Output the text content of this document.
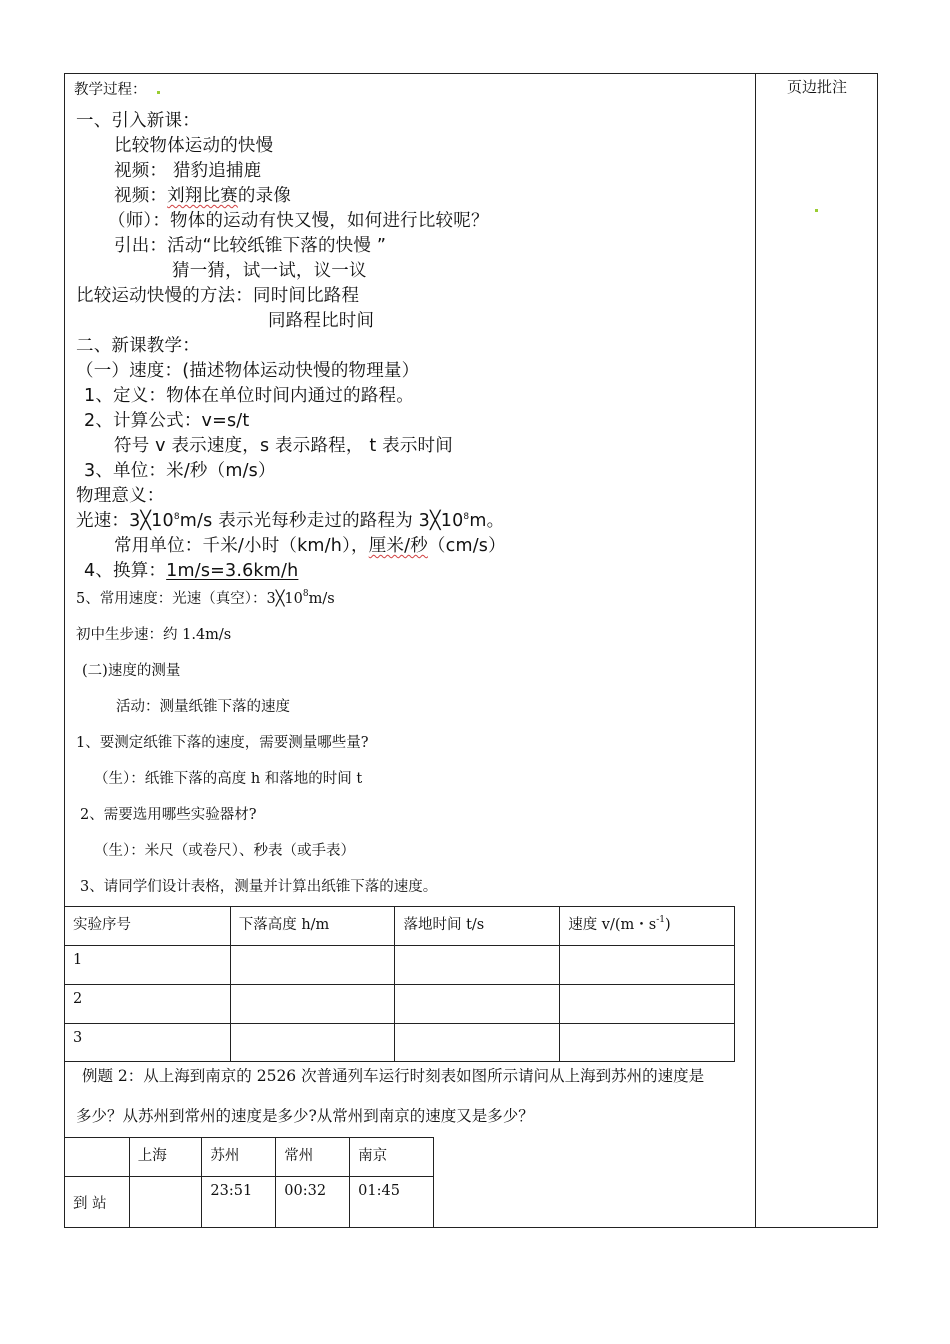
教学过程：	页边批注
一、引入新课：
比较物体运动的快慢
视频： 猎豹追捕鹿
视频：刘翔比赛的录像
（师）：物体的运动有快又慢，如何进行比较呢？
引出：活动“比较纸锥下落的快慢 ”
猜一猜，试一试，议一议
比较运动快慢的方法：同时间比路程
同路程比时间
二、新课教学：
（一）速度：(描述物体运动快慢的物理量）
1、定义：物体在单位时间内通过的路程。
2、计算公式：v=s/t
符号 v 表示速度，s 表示路程， t 表示时间
3、单位：米/秒（m/s）
物理意义：
光速：$3╳10^8m/s$ 表示光每秒走过的路程为 $3╳10^8m$。
常用单位：千米/小时（km/h），厘米/秒（cm/s）
4、换算：1m/s=3.6km/h
5、常用速度：光速（真空）：$3╳10^8m/s$
初中生步速：约 1.4m/s
(二)速度的测量
活动：测量纸锥下落的速度
1、要测定纸锥下落的速度，需要测量哪些量?
（生）：纸锥下落的高度 h 和落地的时间 t
2、需要选用哪些实验器材?
（生）：米尺（或卷尺）、秒表（或手表）
3、请同学们设计表格，测量并计算出纸锥下落的速度。
实验序号	下落高度 h/m	落地时间 t/s	速度 v/(m・$s^{-1}$)
1			
2			
3			
例题 2：从上海到南京的 2526 次普通列车运行时刻表如图所示请问从上海到苏州的速度是
多少？从苏州到常州的速度是多少?从常州到南京的速度又是多少？
	上海	苏州	常州	南京
到 站		23:51	00:32	01:45
